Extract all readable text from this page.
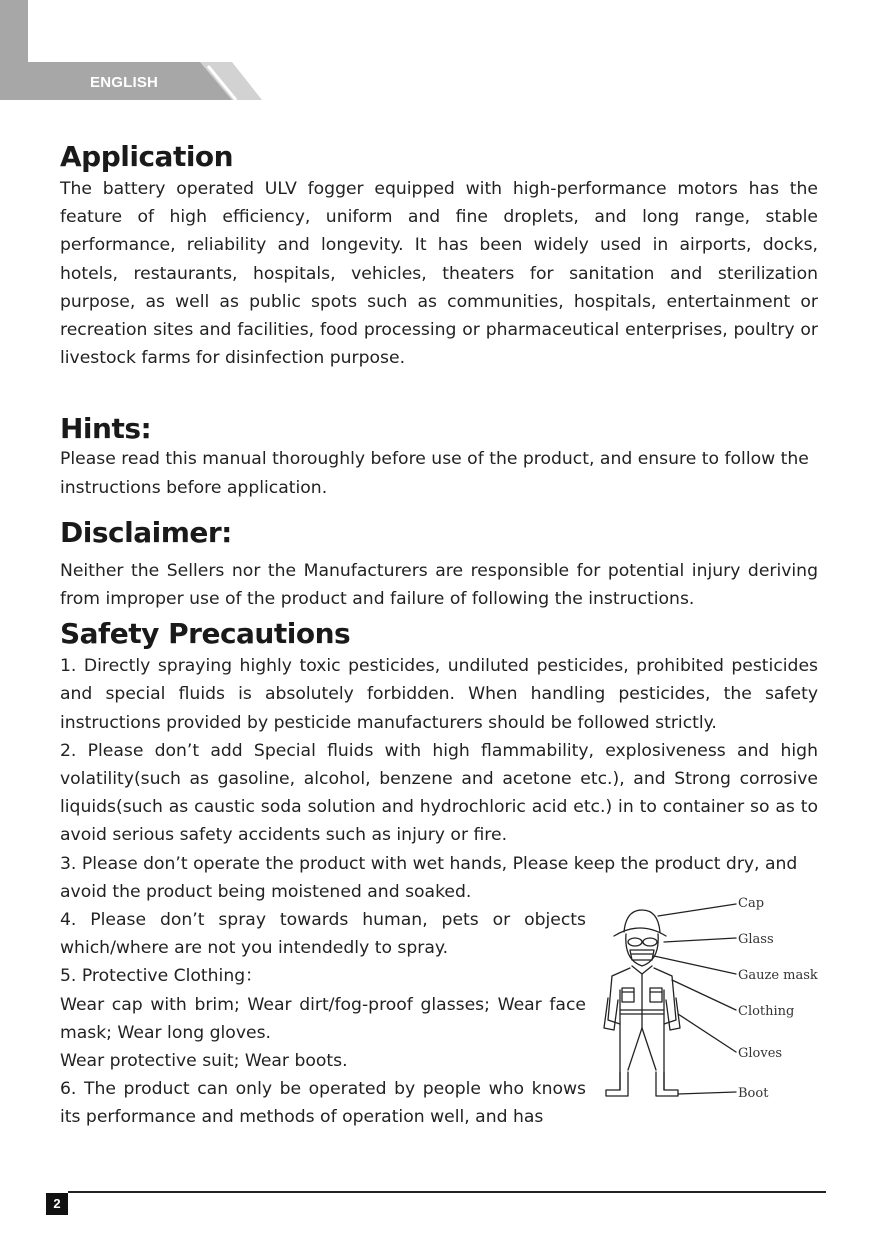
ENGLISH
Application

The battery operated ULV fogger equipped with high-performance motors has the feature of high efficiency, uniform and fine droplets, and long range, stable performance, reliability and longevity. It has been widely used in airports, docks, hotels, restaurants, hospitals, vehicles, theaters for sanitation and sterilization purpose, as well as public spots such as communities, hospitals, entertainment or recreation sites and facilities, food processing or pharmaceutical enterprises, poultry or livestock farms for disinfection purpose.

Hints:

Please read this manual thoroughly before use of the product, and ensure to follow the instructions before application.

Disclaimer:

Neither the Sellers nor the Manufacturers are responsible for potential injury deriving from improper use of the product and failure of following the instructions.

Safety Precautions

1. Directly spraying highly toxic pesticides, undiluted pesticides, prohibited pesticides and special fluids is absolutely forbidden. When handling pesticides, the safety instructions provided by pesticide manufacturers should be followed strictly.

2. Please don’t add Special fluids with high flammability, explosiveness and high volatility(such as gasoline, alcohol, benzene and acetone etc.), and Strong corrosive liquids(such as caustic soda solution and hydrochloric acid etc.) in to container so as to avoid serious safety accidents such as injury or fire.

3. Please don’t operate the product with wet hands, Please keep the product dry, and avoid the product being moistened and soaked.

4. Please don’t spray towards human, pets or objects which/where are not you intendedly to spray.

5. Protective Clothing：

Wear cap with brim; Wear dirt/fog-proof glasses; Wear face mask; Wear long gloves.

Wear protective suit; Wear boots.

6. The product can only be operated by people who knows its performance and methods of operation well, and has

Cap
Glass
Gauze mask
Clothing
Gloves
Boot
2
